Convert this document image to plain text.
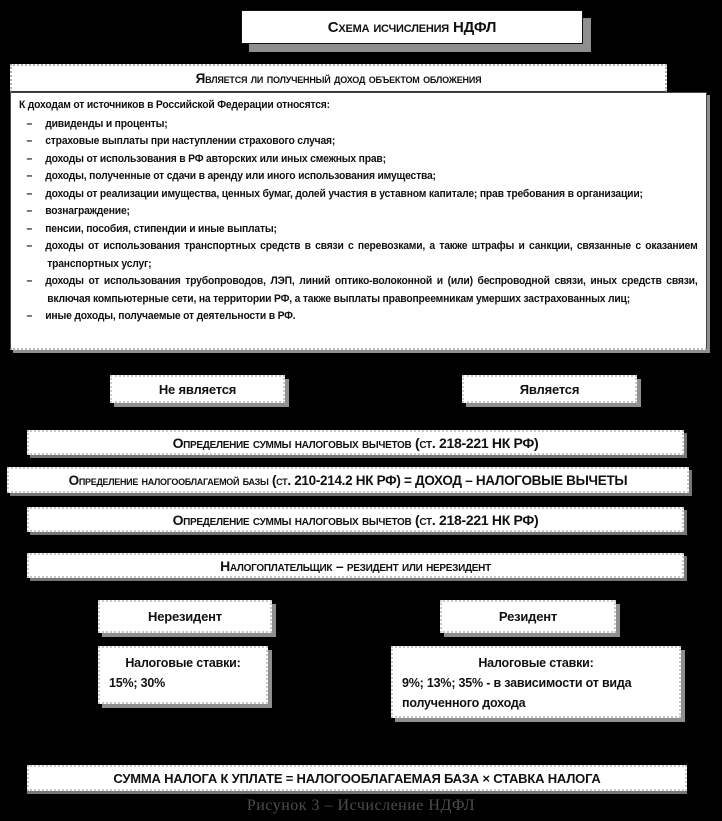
Схема исчисления НДФЛ
Является ли полученный доход объектом обложения

К доходам от источников в Российской Федерации относятся:

– дивиденды и проценты;
– страховые выплаты при наступлении страхового случая;
– доходы от использования в РФ авторских или иных смежных прав;
– доходы, полученные от сдачи в аренду или иного использования имущества;
– доходы от реализации имущества, ценных бумаг, долей участия в уставном капитале; прав требования в организации;
– вознаграждение;
– пенсии, пособия, стипендии и иные выплаты;
– доходы от использования транспортных средств в связи с перевозками, а также штрафы и санкции, связанные с оказанием транспортных услуг;
– доходы от использования трубопроводов, ЛЭП, линий оптико-волоконной и (или) беспроводной связи, иных средств связи, включая компьютерные сети, на территории РФ, а также выплаты правопреемникам умерших застрахованных лиц;
– иные доходы, получаемые от деятельности в РФ.
Не является	Является
Определение суммы налоговых вычетов (ст. 218-221 НК РФ)
Определение налогооблагаемой базы (ст. 210-214.2 НК РФ) = ДОХОД – НАЛОГОВЫЕ ВЫЧЕТЫ
Определение суммы налоговых вычетов (ст. 218-221 НК РФ)
Налогоплательщик – резидент или нерезидент
Нерезидент	Резидент
Налоговые ставки:
15%; 30%
Налоговые ставки:
9%; 13%; 35% - в зависимости от вида полученного дохода
СУММА НАЛОГА К УПЛАТЕ = НАЛОГООБЛАГАЕМАЯ БАЗА × СТАВКА НАЛОГА
Рисунок 3 – Исчисление НДФЛ
